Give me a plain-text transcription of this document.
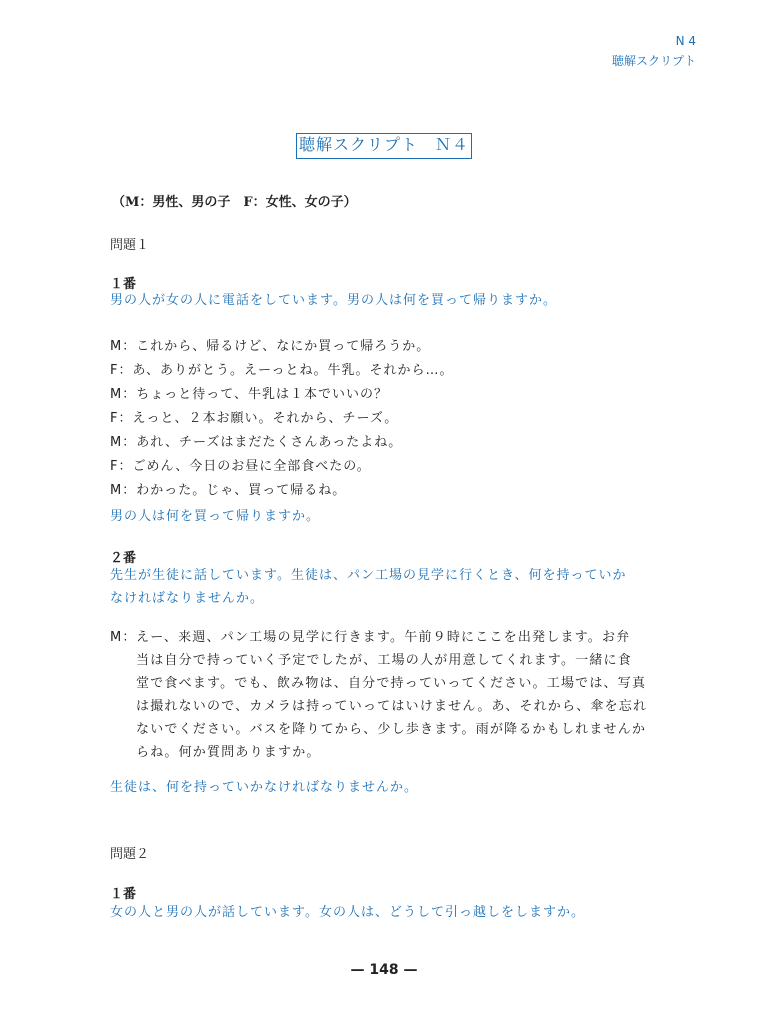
N 4
聴解スクリプト
聴解スクリプト　Ｎ４
（M：男性、男の子　F：女性、女の子）
問題１
１番
男の人が女の人に電話をしています。男の人は何を買って帰りますか。
M：これから、帰るけど、なにか買って帰ろうか。
F：あ、ありがとう。えーっとね。牛乳。それから…。
M：ちょっと待って、牛乳は１本でいいの？
F：えっと、２本お願い。それから、チーズ。
M：あれ、チーズはまだたくさんあったよね。
F：ごめん、今日のお昼に全部食べたの。
M：わかった。じゃ、買って帰るね。
男の人は何を買って帰りますか。
２番
先生が生徒に話しています。生徒は、パン工場の見学に行くとき、何を持っていか
なければなりませんか。
M： えー、来週、パン工場の見学に行きます。午前９時にここを出発します。お弁
当は自分で持っていく予定でしたが、工場の人が用意してくれます。一緒に食
堂で食べます。でも、飲み物は、自分で持っていってください。工場では、写真
は撮れないので、カメラは持っていってはいけません。あ、それから、傘を忘れ
ないでください。バスを降りてから、少し歩きます。雨が降るかもしれませんか
らね。何か質問ありますか。
生徒は、何を持っていかなければなりませんか。
問題２
１番
女の人と男の人が話しています。女の人は、どうして引っ越しをしますか。
— 148 —
